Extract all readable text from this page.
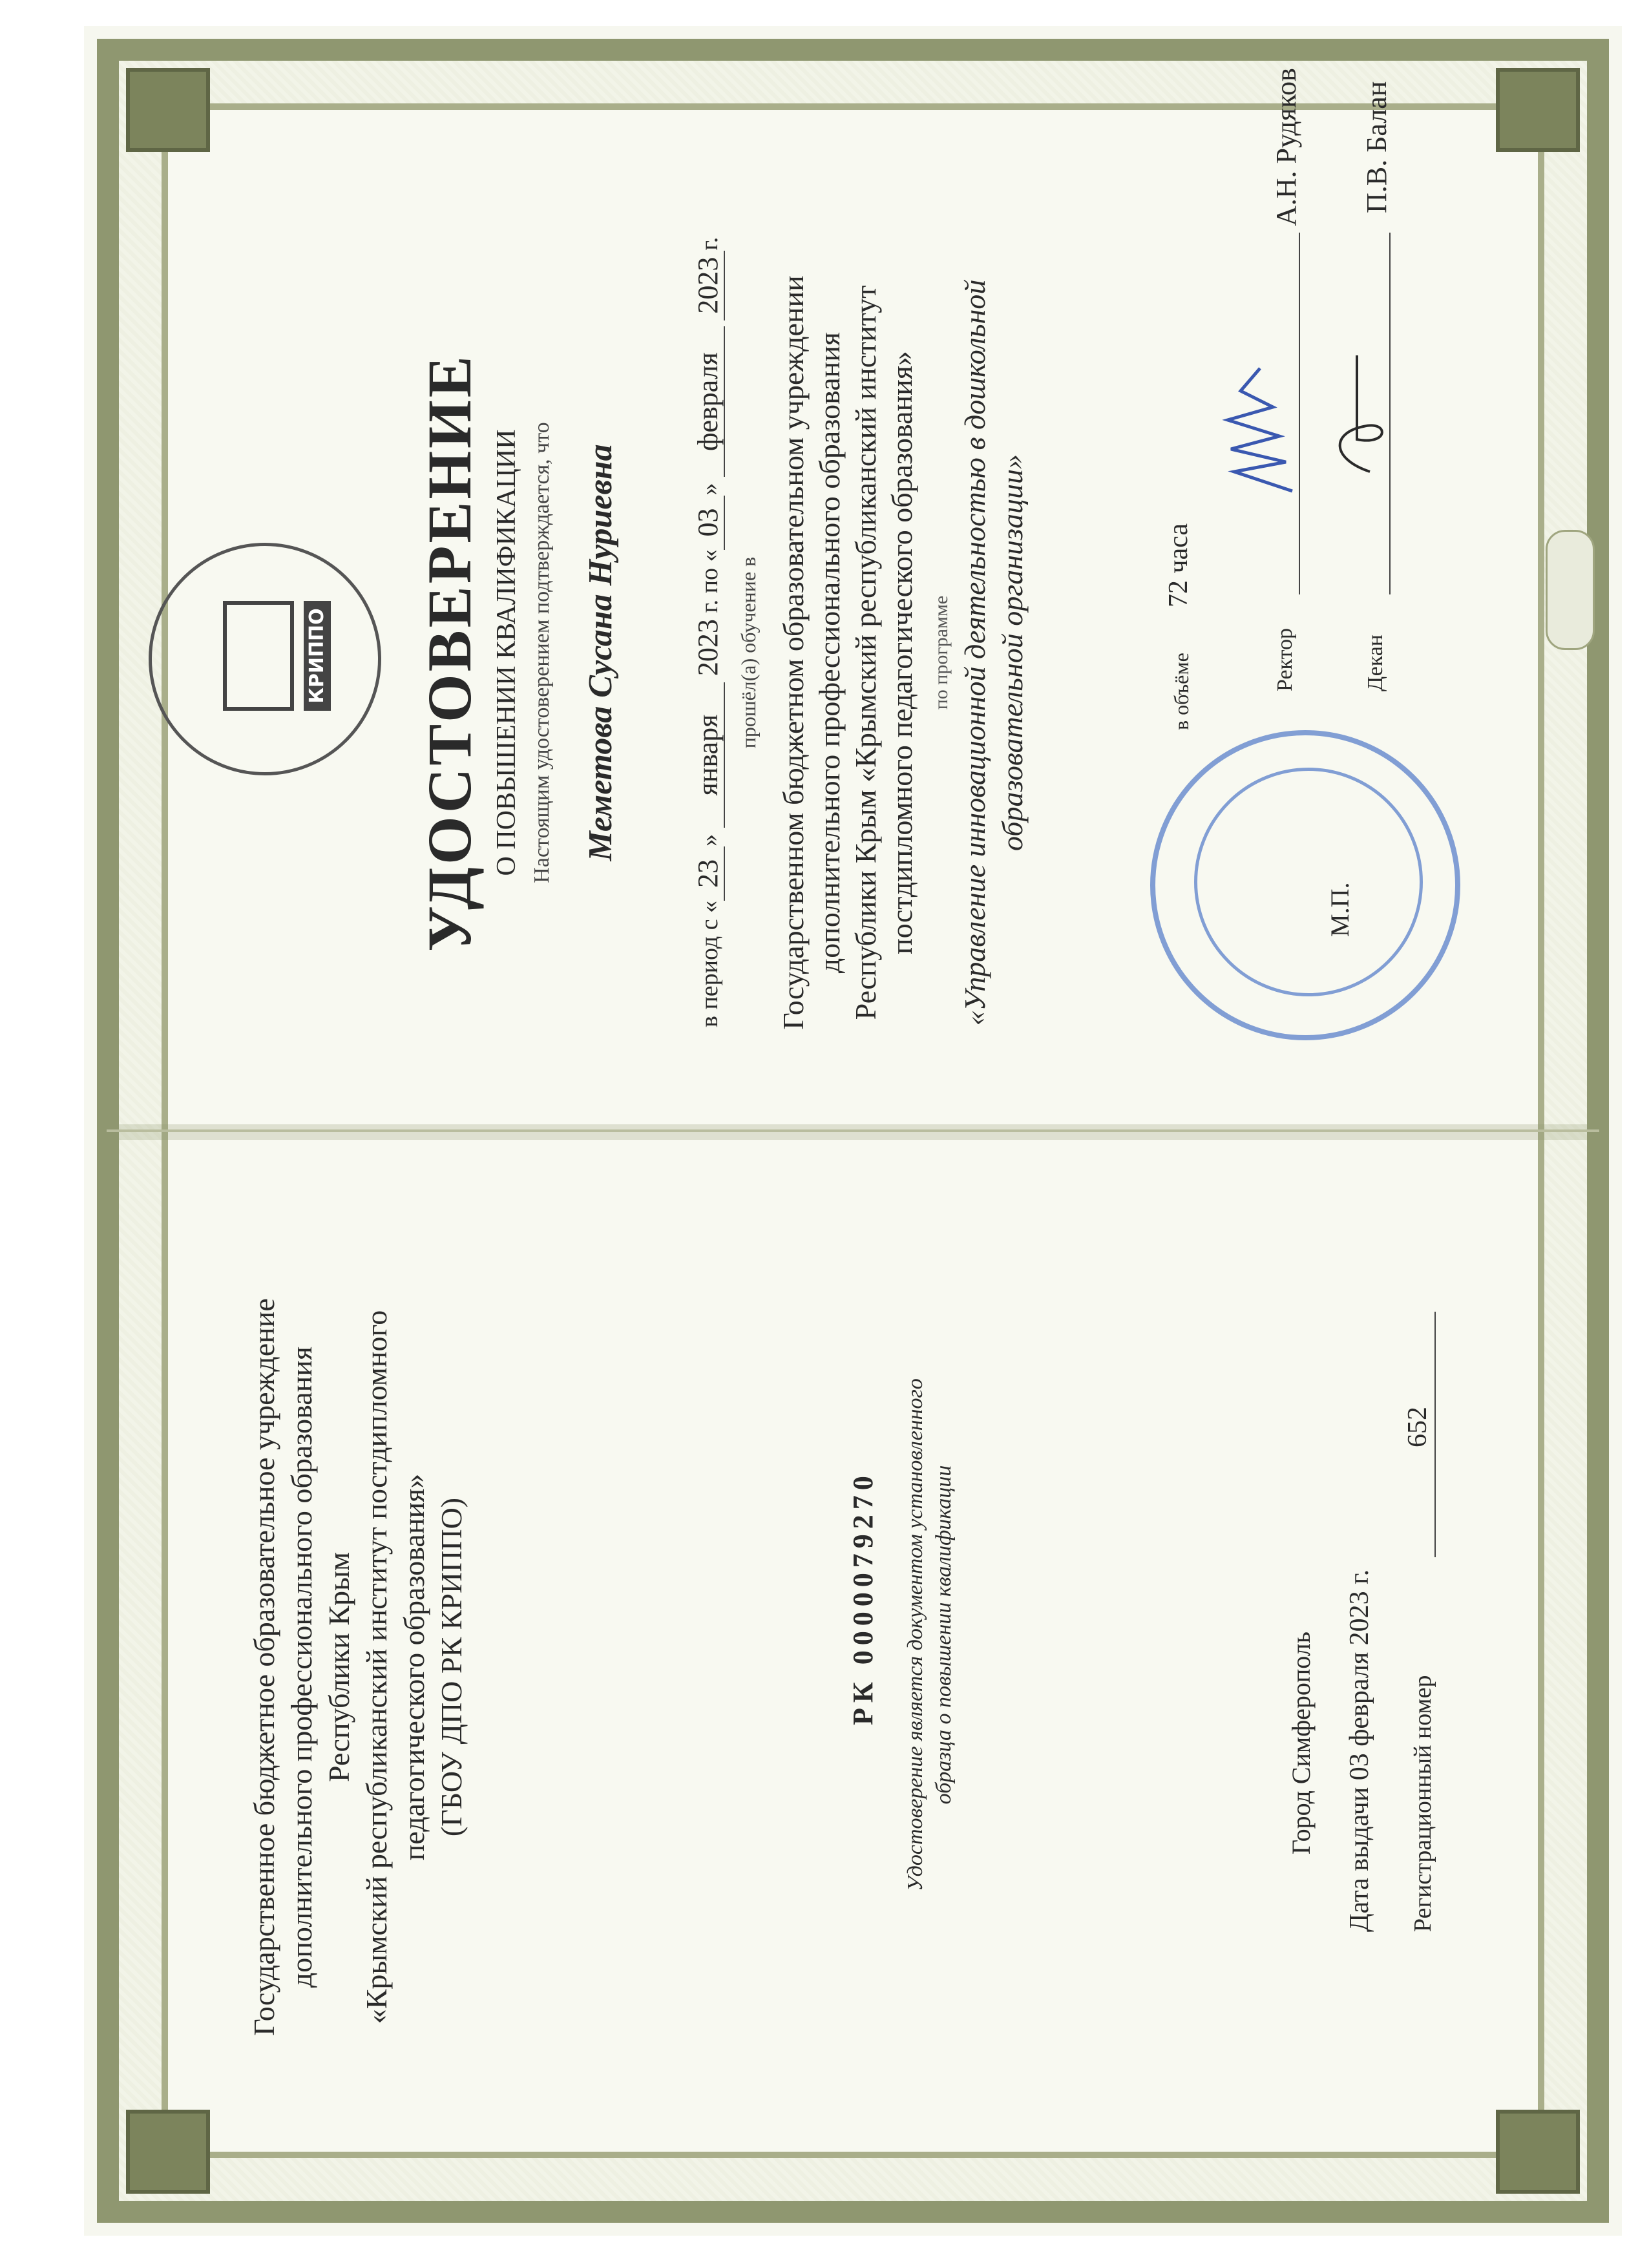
Государственное бюджетное образовательное учреждение дополнительного профессионального образования Республики Крым «Крымский республиканский институт постдипломного педагогического образования» (ГБОУ ДПО РК КРИППО)	РК 0000079270 Удостоверение является документом установленного образца о повышении квалификации	Город Симферополь Дата выдачи 03 февраля 2023 г. Регистрационный номер
652
КРИППО УДОСТОВЕРЕНИЕ О ПОВЫШЕНИИ КВАЛИФИКАЦИИ Настоящим удостоверением подтверждается, что Меметова Сусана Нуриевна
в период с «23» января 2023 г. по «03» февраля 2023г.
прошёл(а) обучение в Государственном бюджетном образовательном учреждении дополнительного профессионального образования Республики Крым «Крымский республиканский институт постдипломного педагогического образования» по программе «Управление инновационной деятельностью в дошкольной образовательной организации»	в объёме
72 часа
Ректор
А.Н. Рудяков
Декан
П.В. Балан
М.П.
